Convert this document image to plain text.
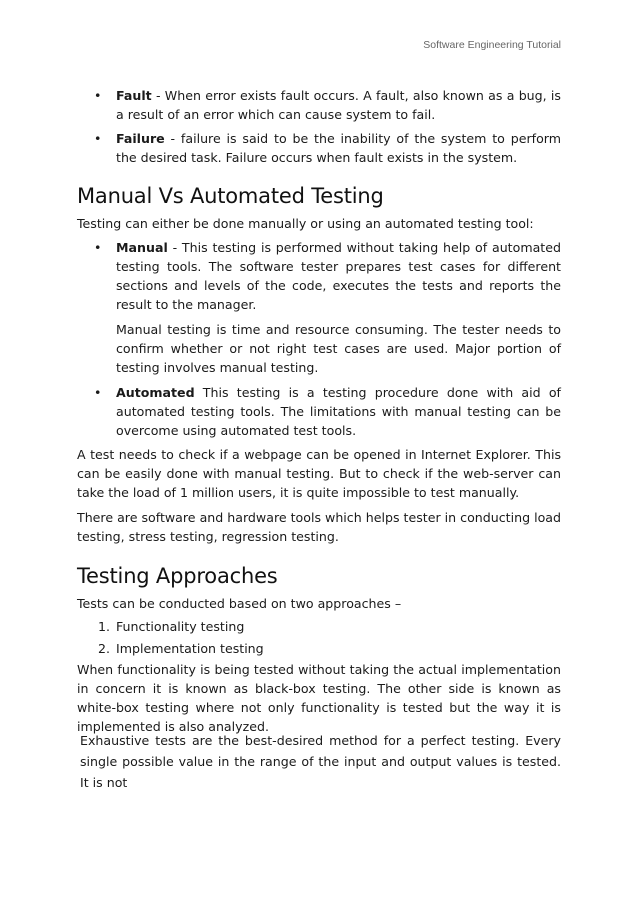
Software Engineering Tutorial
• Fault - When error exists fault occurs. A fault, also known as a bug, is a result of an error which can cause system to fail.
• Failure - failure is said to be the inability of the system to perform the desired task. Failure occurs when fault exists in the system.
Manual Vs Automated Testing

Testing can either be done manually or using an automated testing tool:

• Manual - This testing is performed without taking help of automated testing tools. The software tester prepares test cases for different sections and levels of the code, executes the tests and reports the result to the manager.

Manual testing is time and resource consuming. The tester needs to confirm whether or not right test cases are used. Major portion of testing involves manual testing.

• Automated This testing is a testing procedure done with aid of automated testing tools. The limitations with manual testing can be overcome using automated test tools.

A test needs to check if a webpage can be opened in Internet Explorer. This can be easily done with manual testing. But to check if the web-server can take the load of 1 million users, it is quite impossible to test manually.

There are software and hardware tools which helps tester in conducting load testing, stress testing, regression testing.

Testing Approaches

Tests can be conducted based on two approaches –

1. Functionality testing
2. Implementation testing

When functionality is being tested without taking the actual implementation in concern it is known as black-box testing. The other side is known as white-box testing where not only functionality is tested but the way it is implemented is also analyzed.

Exhaustive tests are the best-desired method for a perfect testing. Every single possible value in the range of the input and output values is tested. It is not
